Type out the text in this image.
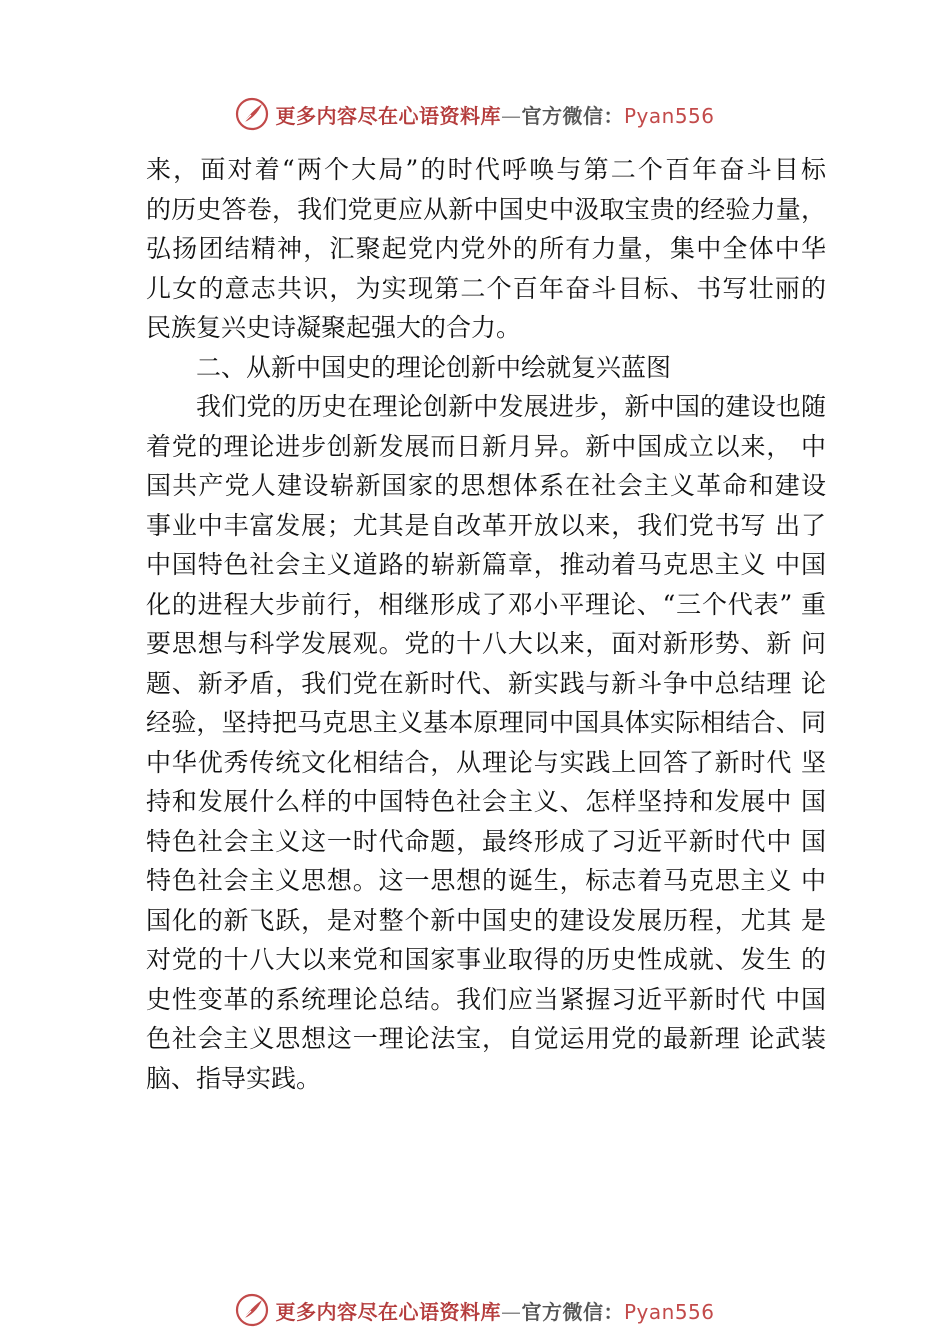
更多内容尽在心语资料库—官方微信：Pyan556
来，面对着“两个大局”的时代呼唤与第二个百年奋斗目标
的历史答卷，我们党更应从新中国史中汲取宝贵的经验力量，
弘扬团结精神，汇聚起党内党外的所有力量，集中全体中华
儿女的意志共识，为实现第二个百年奋斗目标、书写壮丽的
民族复兴史诗凝聚起强大的合力。
二、从新中国史的理论创新中绘就复兴蓝图
我们党的历史在理论创新中发展进步，新中国的建设也随
着党的理论进步创新发展而日新月异。新中国成立以来， 中
国共产党人建设崭新国家的思想体系在社会主义革命和建设
事业中丰富发展；尤其是自改革开放以来，我们党书写 出了
中国特色社会主义道路的崭新篇章，推动着马克思主义 中国
化的进程大步前行，相继形成了邓小平理论、“三个代表” 重
要思想与科学发展观。党的十八大以来，面对新形势、新 问
题、新矛盾，我们党在新时代、新实践与新斗争中总结理 论
经验，坚持把马克思主义基本原理同中国具体实际相结合、同
中华优秀传统文化相结合，从理论与实践上回答了新时代 坚
持和发展什么样的中国特色社会主义、怎样坚持和发展中 国
特色社会主义这一时代命题，最终形成了习近平新时代中 国
特色社会主义思想。这一思想的诞生，标志着马克思主义 中
国化的新飞跃，是对整个新中国史的建设发展历程，尤其 是
对党的十八大以来党和国家事业取得的历史性成就、发生 的
史性变革的系统理论总结。我们应当紧握习近平新时代 中国
色社会主义思想这一理论法宝，自觉运用党的最新理 论武装
脑、指导实践。
更多内容尽在心语资料库—官方微信：Pyan556
